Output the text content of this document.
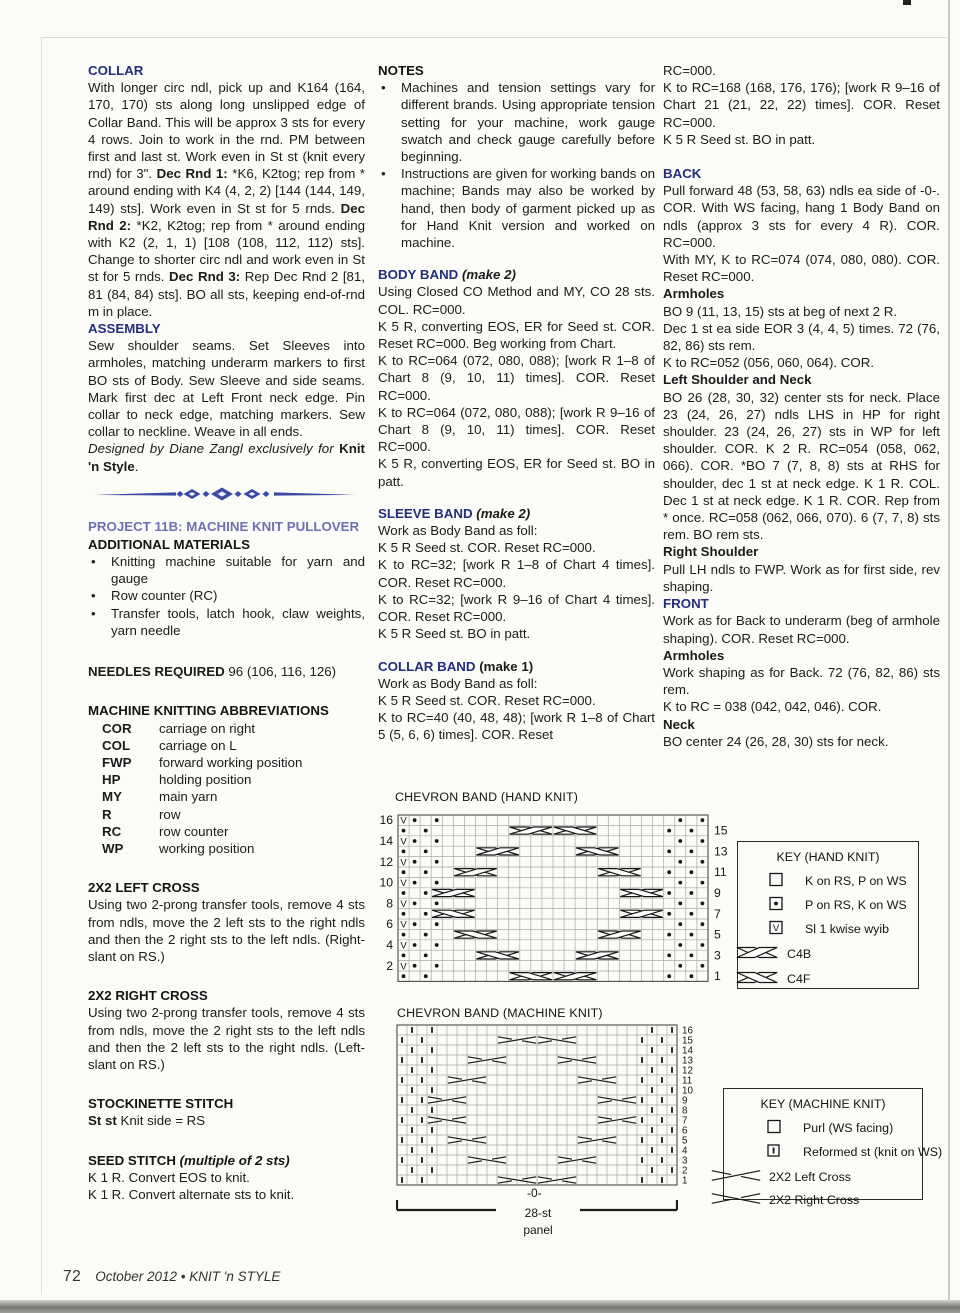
COLLAR

With longer circ ndl, pick up and K164 (164, 170, 170) sts along long unslipped edge of Collar Band. This will be approx 3 sts for every 4 rows. Join to work in the rnd. PM between first and last st. Work even in St st (knit every rnd) for 3". Dec Rnd 1: *K6, K2tog; rep from * around ending with K4 (4, 2, 2) [144 (144, 149, 149) sts]. Work even in St st for 5 rnds. Dec Rnd 2: *K2, K2tog; rep from * around ending with K2 (2, 1, 1) [108 (108, 112, 112) sts]. Change to shorter circ ndl and work even in St st for 5 rnds. Dec Rnd 3: Rep Dec Rnd 2 [81, 81 (84, 84) sts]. BO all sts, keeping end-of-rnd m in place.

ASSEMBLY

Sew shoulder seams. Set Sleeves into armholes, matching underarm markers to first BO sts of Body. Sew Sleeve and side seams. Mark first dec at Left Front neck edge. Pin collar to neck edge, matching markers. Sew collar to neckline. Weave in all ends.

Designed by Diane Zangl exclusively for Knit 'n Style.

PROJECT 11B: MACHINE KNIT PULLOVER
ADDITIONAL MATERIALS
•	Knitting machine suitable for yarn and gauge
•	Row counter (RC)
•	Transfer tools, latch hook, claw weights, yarn needle

NEEDLES REQUIRED 96 (106, 116, 126)

MACHINE KNITTING ABBREVIATIONS
COR	carriage on right
COL	carriage on L
FWP	forward working position
HP	holding position
MY	main yarn
R	row
RC	row counter
WP	working position
2X2 LEFT CROSS

Using two 2-prong transfer tools, remove 4 sts from ndls, move the 2 left sts to the right ndls and then the 2 right sts to the left ndls. (Right-slant on RS.)

2X2 RIGHT CROSS

Using two 2-prong transfer tools, remove 4 sts from ndls, move the 2 right sts to the left ndls and then the 2 left sts to the right ndls. (Left-slant on RS.)

STOCKINETTE STITCH

St st Knit side = RS

SEED STITCH (multiple of 2 sts)

K 1 R. Convert EOS to knit.

K 1 R. Convert alternate sts to knit.

NOTES
•	Machines and tension settings vary for different brands. Using appropriate tension setting for your machine, work gauge swatch and check gauge carefully before beginning.
•	Instructions are given for working bands on machine; Bands may also be worked by hand, then body of garment picked up as for Hand Knit version and worked on machine.
BODY BAND (make 2)

Using Closed CO Method and MY, CO 28 sts. COL. RC=000.

K 5 R, converting EOS, ER for Seed st. COR. Reset RC=000. Beg working from Chart.

K to RC=064 (072, 080, 088); [work R 1–8 of Chart 8 (9, 10, 11) times]. COR. Reset RC=000.

K to RC=064 (072, 080, 088); [work R 9–16 of Chart 8 (9, 10, 11) times]. COR. Reset RC=000.

K 5 R, converting EOS, ER for Seed st. BO in patt.

SLEEVE BAND (make 2)

Work as Body Band as foll:

K 5 R Seed st. COR. Reset RC=000.

K to RC=32; [work R 1–8 of Chart 4 times]. COR. Reset RC=000.

K to RC=32; [work R 9–16 of Chart 4 times]. COR. Reset RC=000.

K 5 R Seed st. BO in patt.

COLLAR BAND (make 1)

Work as Body Band as foll:

K 5 R Seed st. COR. Reset RC=000.

K to RC=40 (40, 48, 48); [work R 1–8 of Chart 5 (5, 6, 6) times]. COR. Reset

RC=000.

K to RC=168 (168, 176, 176); [work R 9–16 of Chart 21 (21, 22, 22) times]. COR. Reset RC=000.

K 5 R Seed st. BO in patt.

BACK

Pull forward 48 (53, 58, 63) ndls ea side of -0-. COR. With WS facing, hang 1 Body Band on ndls (approx 3 sts for every 4 R). COR. RC=000.

With MY, K to RC=074 (074, 080, 080). COR. Reset RC=000.

Armholes

BO 9 (11, 13, 15) sts at beg of next 2 R.

Dec 1 st ea side EOR 3 (4, 4, 5) times. 72 (76, 82, 86) sts rem.

K to RC=052 (056, 060, 064). COR.

Left Shoulder and Neck

BO 26 (28, 30, 32) center sts for neck. Place 23 (24, 26, 27) ndls LHS in HP for right shoulder. 23 (24, 26, 27) sts in WP for left shoulder. COR. K 2 R. RC=054 (058, 062, 066). COR. *BO 7 (7, 8, 8) sts at RHS for shoulder, dec 1 st at neck edge. K 1 R. COL. Dec 1 st at neck edge. K 1 R. COR. Rep from * once. RC=058 (062, 066, 070). 6 (7, 7, 8) sts rem. BO rem sts.

Right Shoulder

Pull LH ndls to FWP. Work as for first side, rev shaping.

FRONT

Work as for Back to underarm (beg of armhole shaping). COR. Reset RC=000.

Armholes

Work shaping as for Back. 72 (76, 82, 86) sts rem.

K to RC = 038 (042, 042, 046). COR.

Neck

BO center 24 (26, 28, 30) sts for neck.

CHEVRON BAND (HAND KNIT)
V
16
15
V
14
13
V
12
11
V
10
9
V
8
7
V
6
5
V
4
3
V
2
1
CHEVRON BAND (MACHINE KNIT)
16
15
14
13
12
11
10
9
8
7
6
5
4
3
2
1
-0-
28-st
panel
KEY (HAND KNIT)
K on RS, P on WS
P on RS, K on WS
V Sl 1 kwise wyib
C4B
C4F
KEY (MACHINE KNIT)
Purl (WS facing)
Reformed st (knit on WS)
2X2 Left Cross
2X2 Right Cross
72 October 2012 • KNIT 'n STYLE
